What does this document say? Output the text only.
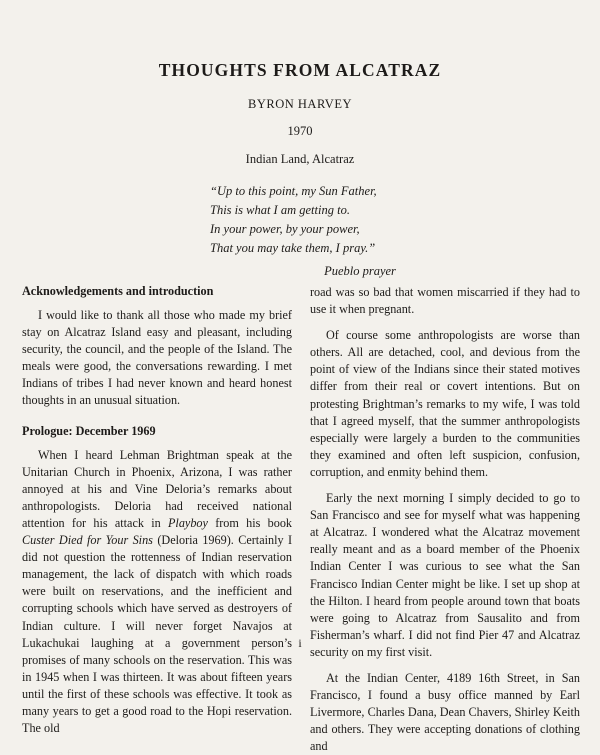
THOUGHTS FROM ALCATRAZ
BYRON HARVEY
1970
Indian Land, Alcatraz
“Up to this point, my Sun Father,
This is what I am getting to.
In your power, by your power,
That you may take them, I pray.”
Pueblo prayer
Acknowledgements and introduction

I would like to thank all those who made my brief stay on Alcatraz Island easy and pleasant, including security, the council, and the people of the Island. The meals were good, the conversations rewarding. I met Indians of tribes I had never known and heard honest thoughts in an unusual situation.

Prologue: December 1969

When I heard Lehman Brightman speak at the Unitarian Church in Phoenix, Arizona, I was rather annoyed at his and Vine Deloria’s remarks about anthropologists. Deloria had received national attention for his attack in Playboy from his book Custer Died for Your Sins (Deloria 1969). Certainly I did not question the rottenness of Indian reservation management, the lack of dispatch with which roads were built on reservations, and the inefficient and corrupting schools which have served as destroyers of Indian culture. I will never forget Navajos at Lukachukai laughing at a government person’s promises of many schools on the reservation. This was in 1945 when I was thirteen. It was about fifteen years until the first of these schools was effective. It took as many years to get a good road to the Hopi reservation. The old

road was so bad that women miscarried if they had to use it when pregnant.

Of course some anthropologists are worse than others. All are detached, cool, and devious from the point of view of the Indians since their stated motives differ from their real or covert intentions. But on protesting Brightman’s remarks to my wife, I was told that I agreed myself, that the summer anthropologists especially were largely a burden to the communities they examined and often left suspicion, confusion, corruption, and enmity behind them.

Early the next morning I simply decided to go to San Francisco and see for myself what was happening at Alcatraz. I wondered what the Alcatraz movement really meant and as a board member of the Phoenix Indian Center I was curious to see what the San Francisco Indian Center might be like. I set up shop at the Hilton. I heard from people around town that boats were going to Alcatraz from Sausalito and from Fisherman’s wharf. I did not find Pier 47 and Alcatraz security on my first visit.

At the Indian Center, 4189 16th Street, in San Francisco, I found a busy office manned by Earl Livermore, Charles Dana, Dean Chavers, Shirley Keith and others. They were accepting donations of clothing and

i
